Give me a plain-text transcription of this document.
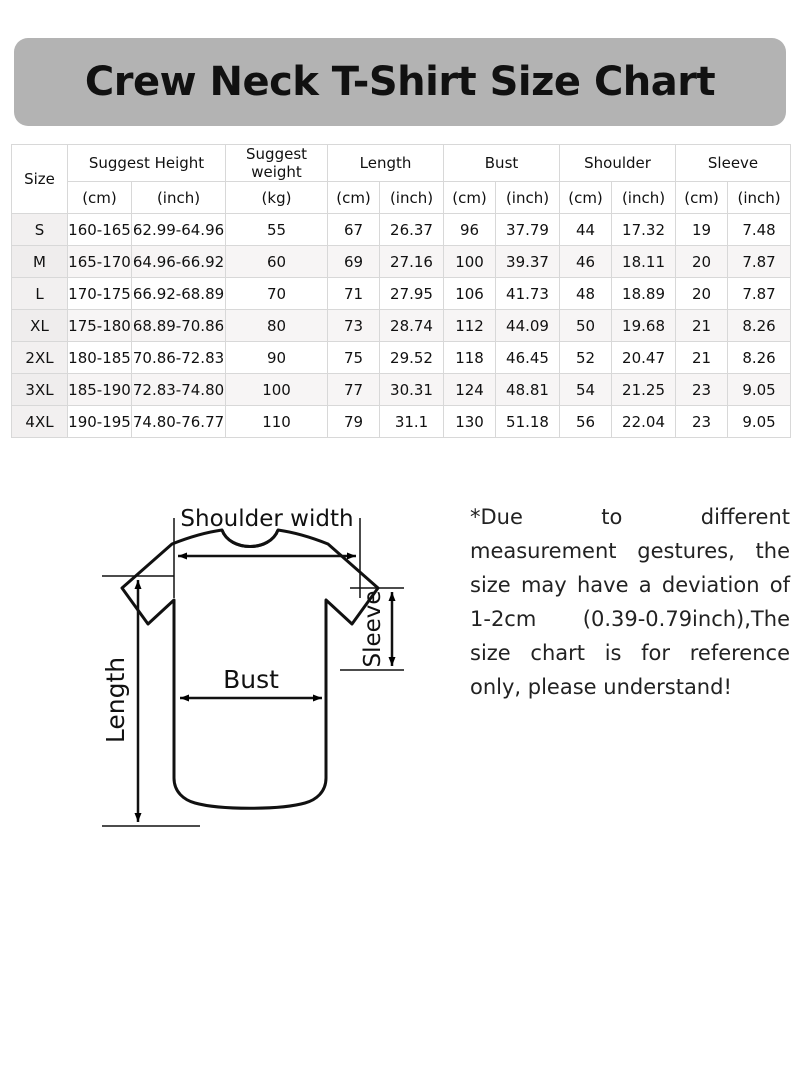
Crew Neck T-Shirt Size Chart
Size	Suggest Height		Suggest weight	Length		Bust		Shoulder		Sleeve	
	(cm)	(inch)	(kg)	(cm)	(inch)	(cm)	(inch)	(cm)	(inch)	(cm)	(inch)
S	160-165	62.99-64.96	55	67	26.37	96	37.79	44	17.32	19	7.48
M	165-170	64.96-66.92	60	69	27.16	100	39.37	46	18.11	20	7.87
L	170-175	66.92-68.89	70	71	27.95	106	41.73	48	18.89	20	7.87
XL	175-180	68.89-70.86	80	73	28.74	112	44.09	50	19.68	21	8.26
2XL	180-185	70.86-72.83	90	75	29.52	118	46.45	52	20.47	21	8.26
3XL	185-190	72.83-74.80	100	77	30.31	124	48.81	54	21.25	23	9.05
4XL	190-195	74.80-76.77	110	79	31.1	130	51.18	56	22.04	23	9.05
Shoulder width
Bust
Length
Sleeve
*Due to different measurement gestures, the size may have a deviation of 1-2cm (0.39-0.79inch),The size chart is for reference only, please understand!
